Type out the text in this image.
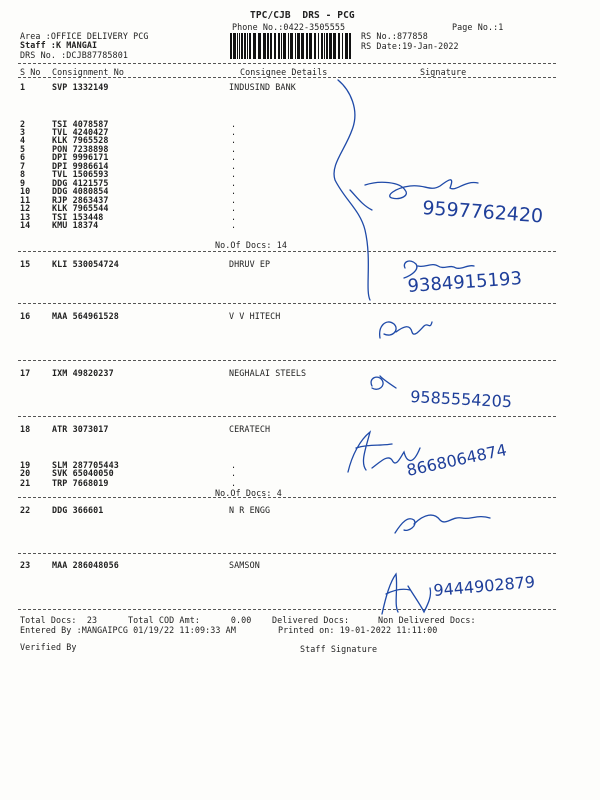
TPC/CJB  DRS - PCG
Phone No.:0422-3505555	Page No.:1
Area :OFFICE DELIVERY PCG
Staff :K MANGAI
DRS No. :DCJB87785801
RS No.:877858
RS Date:19-Jan-2022
S No Consignment No	Consignee Details	Signature
1	SVP 1332149	INDUSIND BANK
2	TSI 4078587	.
3	TVL 4240427	.
4	KLK 7965528	.
5	PON 7238898	.
6	DPI 9996171	.
7	DPI 9986614	.
8	TVL 1506593	.
9	DDG 4121575	.
10	DDG 4080854	.
11	RJP 2863437	.
12	KLK 7965544	.
13	TSI 153448	.
14	KMU 18374	.
15	KLI 530054724	DHRUV EP
16	MAA 564961528	V V HITECH
17	IXM 49820237	NEGHALAI STEELS
18	ATR 3073017	CERATECH
19	SLM 287705443	.
20	SVK 65040050	.
21	TRP 7668019	.
22	DDG 366601	N R ENGG
23	MAA 286048056	SAMSON
No.Of Docs: 14
No.Of Docs: 4
9597762420
9384915193
9585554205
8668064874
9444902879
Total Docs:  23	Total COD Amt:      0.00 Delivered Docs:	Non Delivered Docs:
Entered By :MANGAIPCG 01/19/22 11:09:33 AM	Printed on: 19-01-2022 11:11:00
Verified By	Staff Signature
